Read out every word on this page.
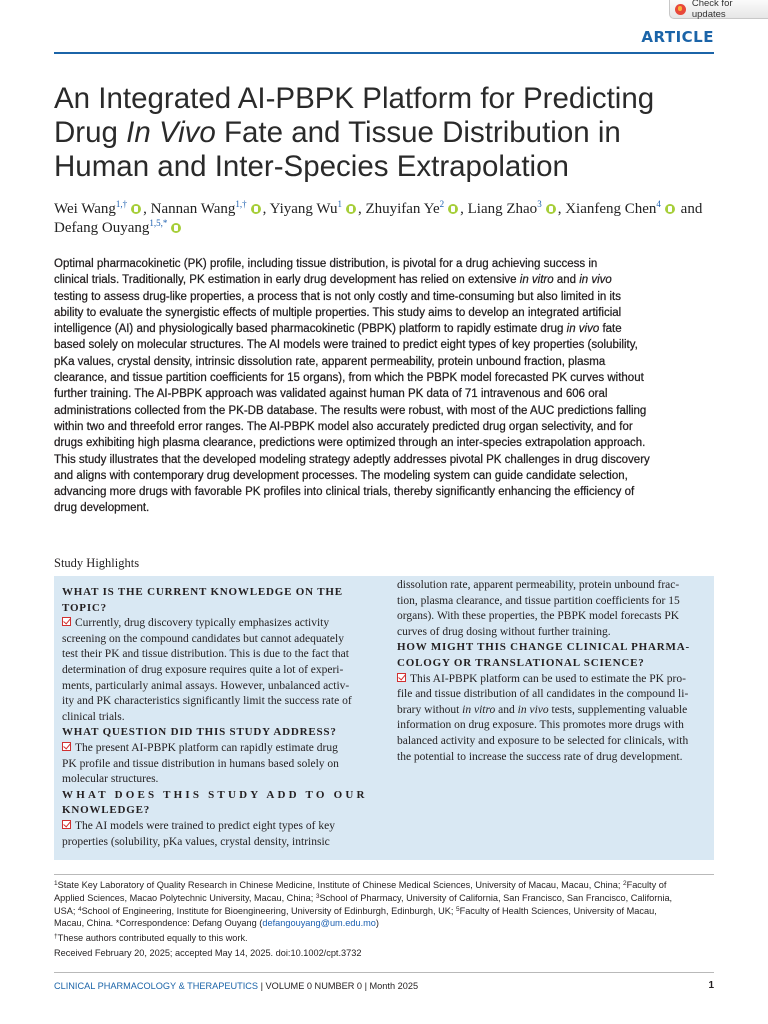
Check for updates
ARTICLE
An Integrated AI-PBPK Platform for Predicting
Drug In Vivo Fate and Tissue Distribution in
Human and Inter-Species Extrapolation
Wei Wang$^{1,\dagger}$ , Nannan Wang$^{1,\dagger}$ , Yiyang Wu$^1$ , Zhuyifan Ye$^2$ , Liang Zhao$^3$ , Xianfeng Chen$^4$ and
Defang Ouyang$^{1,5,*}$
Optimal pharmacokinetic (PK) profile, including tissue distribution, is pivotal for a drug achieving success in
clinical trials. Traditionally, PK estimation in early drug development has relied on extensive in vitro and in vivo
testing to assess drug-like properties, a process that is not only costly and time-consuming but also limited in its
ability to evaluate the synergistic effects of multiple properties. This study aims to develop an integrated artificial
intelligence (AI) and physiologically based pharmacokinetic (PBPK) platform to rapidly estimate drug in vivo fate
based solely on molecular structures. The AI models were trained to predict eight types of key properties (solubility,
pKa values, crystal density, intrinsic dissolution rate, apparent permeability, protein unbound fraction, plasma
clearance, and tissue partition coefficients for 15 organs), from which the PBPK model forecasted PK curves without
further training. The AI-PBPK approach was validated against human PK data of 71 intravenous and 606 oral
administrations collected from the PK-DB database. The results were robust, with most of the AUC predictions falling
within two and threefold error ranges. The AI-PBPK model also accurately predicted drug organ selectivity, and for
drugs exhibiting high plasma clearance, predictions were optimized through an inter-species extrapolation approach.
This study illustrates that the developed modeling strategy adeptly addresses pivotal PK challenges in drug discovery
and aligns with contemporary drug development processes. The modeling system can guide candidate selection,
advancing more drugs with favorable PK profiles into clinical trials, thereby significantly enhancing the efficiency of
drug development.
Study Highlights
WHAT IS THE CURRENT KNOWLEDGE ON THE
TOPIC?
Currently, drug discovery typically emphasizes activity
screening on the compound candidates but cannot adequately
test their PK and tissue distribution. This is due to the fact that
determination of drug exposure requires quite a lot of experi-
ments, particularly animal assays. However, unbalanced activ-
ity and PK characteristics significantly limit the success rate of
clinical trials.
WHAT QUESTION DID THIS STUDY ADDRESS?
The present AI-PBPK platform can rapidly estimate drug
PK profile and tissue distribution in humans based solely on
molecular structures.
WHAT DOES THIS STUDY ADD TO OUR
KNOWLEDGE?
The AI models were trained to predict eight types of key
properties (solubility, pKa values, crystal density, intrinsic
dissolution rate, apparent permeability, protein unbound frac-
tion, plasma clearance, and tissue partition coefficients for 15
organs). With these properties, the PBPK model forecasts PK
curves of drug dosing without further training.
HOW MIGHT THIS CHANGE CLINICAL PHARMA-
COLOGY OR TRANSLATIONAL SCIENCE?
This AI-PBPK platform can be used to estimate the PK pro-
file and tissue distribution of all candidates in the compound li-
brary without in vitro and in vivo tests, supplementing valuable
information on drug exposure. This promotes more drugs with
balanced activity and exposure to be selected for clinicals, with
the potential to increase the success rate of drug development.
$^1$State Key Laboratory of Quality Research in Chinese Medicine, Institute of Chinese Medical Sciences, University of Macau, Macau, China; $^2$Faculty of
Applied Sciences, Macao Polytechnic University, Macau, China; $^3$School of Pharmacy, University of California, San Francisco, San Francisco, California,
USA; $^4$School of Engineering, Institute for Bioengineering, University of Edinburgh, Edinburgh, UK; $^5$Faculty of Health Sciences, University of Macau,
Macau, China. *Correspondence: Defang Ouyang (defangouyang@um.edu.mo)
†These authors contributed equally to this work.
Received February 20, 2025; accepted May 14, 2025. doi:10.1002/cpt.3732
CLINICAL PHARMACOLOGY & THERAPEUTICS | VOLUME 0 NUMBER 0 | Month 2025	1
